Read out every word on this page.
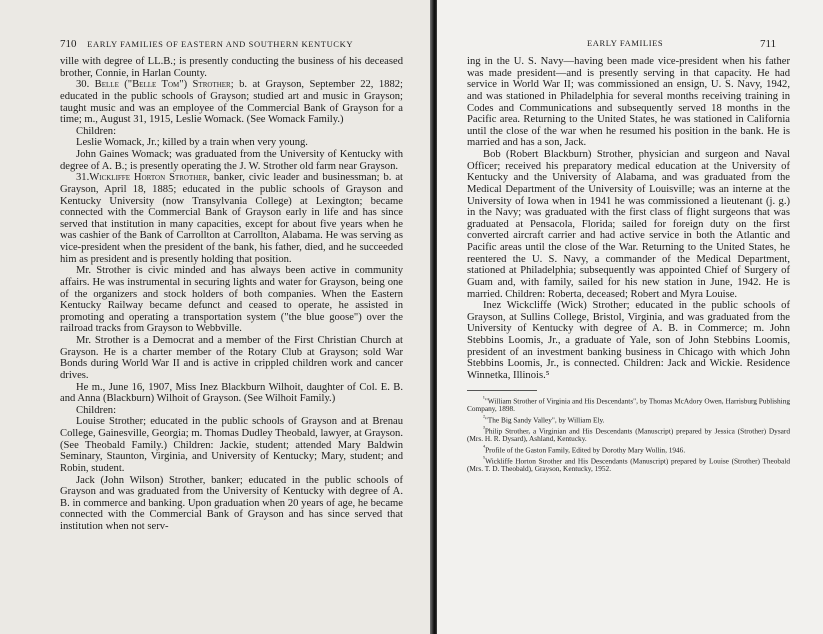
710 EARLY FAMILIES OF EASTERN AND SOUTHERN KENTUCKY

ville with degree of LL.B.; is presently conducting the business of his deceased brother, Connie, in Harlan County.

30. Belle ("Belle Tom") Strother; b. at Grayson, September 22, 1882; educated in the public schools of Grayson; studied art and music in Grayson; taught music and was an employee of the Commercial Bank of Grayson for a time; m., August 31, 1915, Leslie Womack. (See Womack Family.)

Children:

Leslie Womack, Jr.; killed by a train when very young.

John Gaines Womack; was graduated from the University of Kentucky with degree of A. B.; is presently operating the J. W. Strother old farm near Grayson.

31.Wickliffe Horton Strother, banker, civic leader and businessman; b. at Grayson, April 18, 1885; educated in the public schools of Grayson and Kentucky University (now Transylvania College) at Lexington; became connected with the Commercial Bank of Grayson early in life and has since served that institution in many capacities, except for about five years when he was cashier of the Bank of Carrollton at Carrollton, Alabama. He was serving as vice-president when the president of the bank, his father, died, and he succeeded him as president and is presently holding that position.

Mr. Strother is civic minded and has always been active in community affairs. He was instrumental in securing lights and water for Grayson, being one of the organizers and stock holders of both companies. When the Eastern Kentucky Railway became defunct and ceased to operate, he assisted in promoting and operating a transportation system ("the blue goose") over the railroad tracks from Grayson to Webbville.

Mr. Strother is a Democrat and a member of the First Christian Church at Grayson. He is a charter member of the Rotary Club at Grayson; sold War Bonds during World War II and is active in crippled children work and cancer drives.

He m., June 16, 1907, Miss Inez Blackburn Wilhoit, daughter of Col. E. B. and Anna (Blackburn) Wilhoit of Grayson. (See Wilhoit Family.)

Children:

Louise Strother; educated in the public schools of Grayson and at Brenau College, Gainesville, Georgia; m. Thomas Dudley Theobald, lawyer, at Grayson. (See Theobald Family.) Children: Jackie, student; attended Mary Baldwin Seminary, Staunton, Virginia, and University of Kentucky; Mary, student; and Robin, student.

Jack (John Wilson) Strother, banker; educated in the public schools of Grayson and was graduated from the University of Kentucky with degree of A. B. in commerce and banking. Upon graduation when 20 years of age, he became connected with the Commercial Bank of Grayson and has since served that institution when not serv-

EARLY FAMILIES	711

ing in the U. S. Navy—having been made vice-president when his father was made president—and is presently serving in that capacity. He had service in World War II; was commissioned an ensign, U. S. Navy, 1942, and was stationed in Philadelphia for several months receiving training in Codes and Communications and subsequently served 18 months in the Pacific area. Returning to the United States, he was stationed in California until the close of the war when he resumed his position in the bank. He is married and has a son, Jack.

Bob (Robert Blackburn) Strother, physician and surgeon and Naval Officer; received his preparatory medical education at the University of Kentucky and the University of Alabama, and was graduated from the Medical Department of the University of Louisville; was an interne at the University of Iowa when in 1941 he was commissioned a lieutenant (j. g.) in the Navy; was graduated with the first class of flight surgeons that was graduated at Pensacola, Florida; sailed for foreign duty on the first converted aircraft carrier and had active service in both the Atlantic and Pacific areas until the close of the War. Returning to the United States, he reentered the U. S. Navy, a commander of the Medical Department, stationed at Philadelphia; subsequently was appointed Chief of Surgery of Guam and, with family, sailed for his new station in June, 1942. He is married. Children: Roberta, deceased; Robert and Myra Louise.

Inez Wickcliffe (Wick) Strother; educated in the public schools of Grayson, at Sullins College, Bristol, Virginia, and was graduated from the University of Kentucky with degree of A. B. in Commerce; m. John Stebbins Loomis, Jr., a graduate of Yale, son of John Stebbins Loomis, president of an investment banking business in Chicago with which John Stebbins Loomis, Jr., is connected. Children: Jack and Wickie. Residence Winnetka, Illinois.⁵

$^{^1}$"William Strother of Virginia and His Descendants", by Thomas McAdory Owen, Harrisburg Publishing Company, 1898.

$^{^2}$"The Big Sandy Valley", by William Ely.

$^{^3}$Philip Strother, a Virginian and His Descendants (Manuscript) prepared by Jessica (Strother) Dysard (Mrs. H. R. Dysard), Ashland, Kentucky.

$^{^4}$Profile of the Gaston Family, Edited by Dorothy Mary Wollin, 1946.

$^{^5}$Wickliffe Horton Strother and His Descendants (Manuscript) prepared by Louise (Strother) Theobald (Mrs. T. D. Theobald), Grayson, Kentucky, 1952.
